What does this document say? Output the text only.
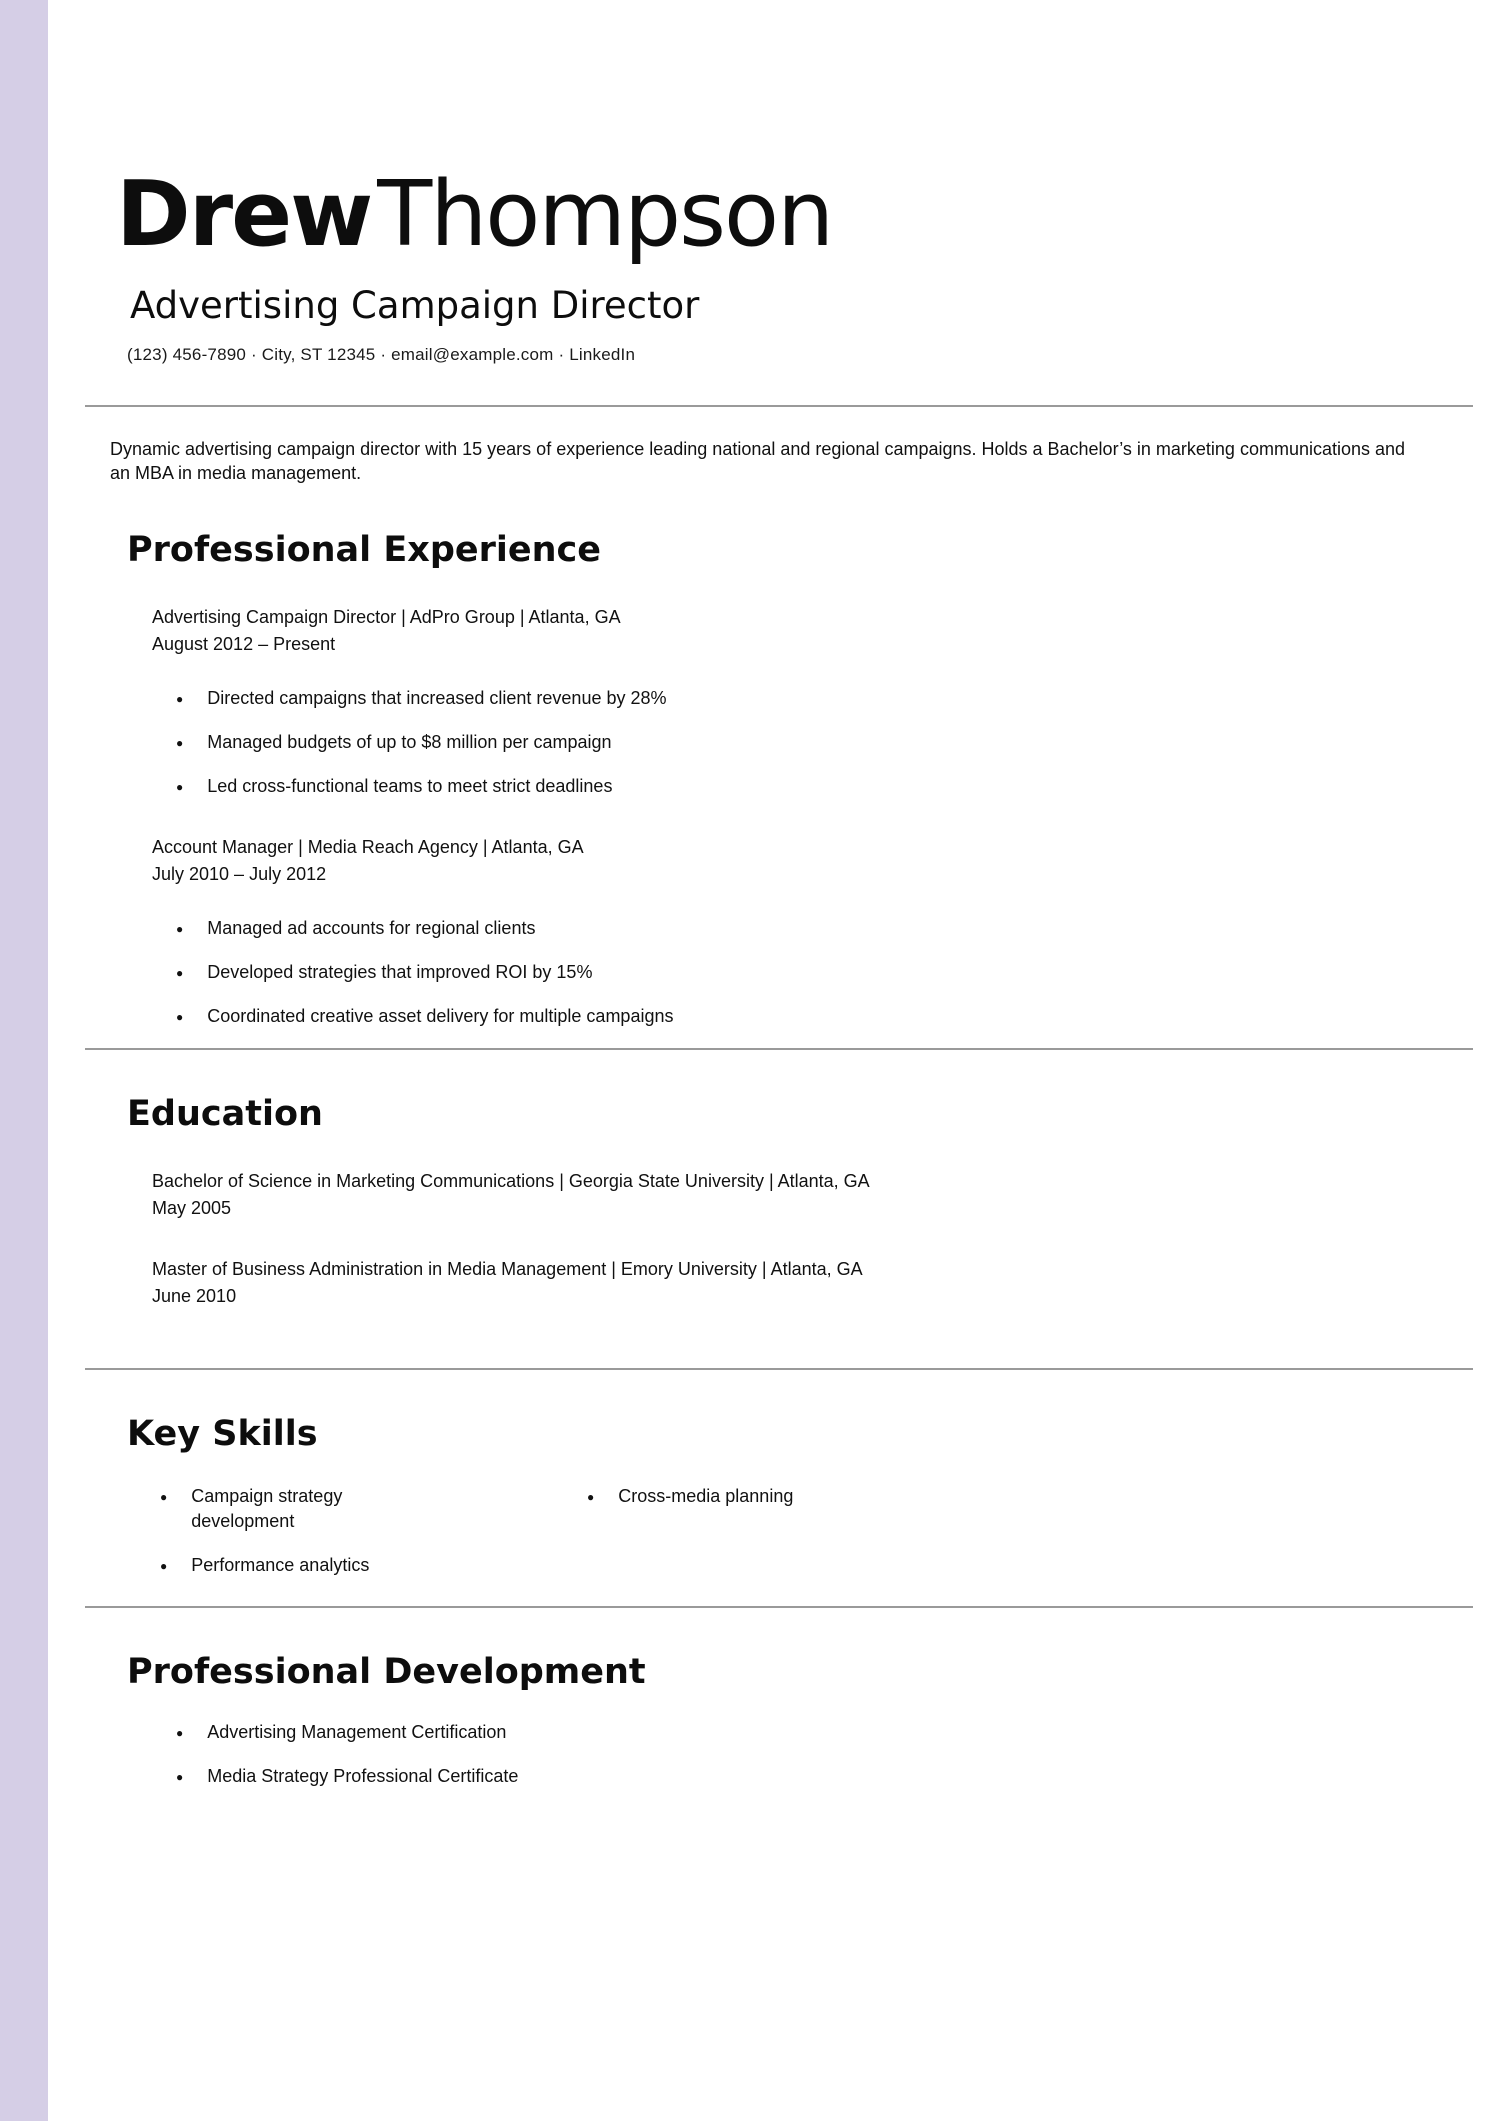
DrewThompson
Advertising Campaign Director
(123) 456-7890 · City, ST 12345 · email@example.com · LinkedIn

Dynamic advertising campaign director with 15 years of experience leading national and regional campaigns. Holds a Bachelor’s in marketing communications and an MBA in media management.

Professional Experience
Advertising Campaign Director | AdPro Group | Atlanta, GA
August 2012 – Present
● Directed campaigns that increased client revenue by 28%
● Managed budgets of up to $8 million per campaign
● Led cross-functional teams to meet strict deadlines
Account Manager | Media Reach Agency | Atlanta, GA
July 2010 – July 2012
● Managed ad accounts for regional clients
● Developed strategies that improved ROI by 15%
● Coordinated creative asset delivery for multiple campaigns
Education
Bachelor of Science in Marketing Communications | Georgia State University | Atlanta, GA
May 2005
Master of Business Administration in Media Management | Emory University | Atlanta, GA
June 2010
Key Skills
● Campaign strategy development
● Performance analytics
● Cross-media planning
Professional Development
● Advertising Management Certification
● Media Strategy Professional Certificate
